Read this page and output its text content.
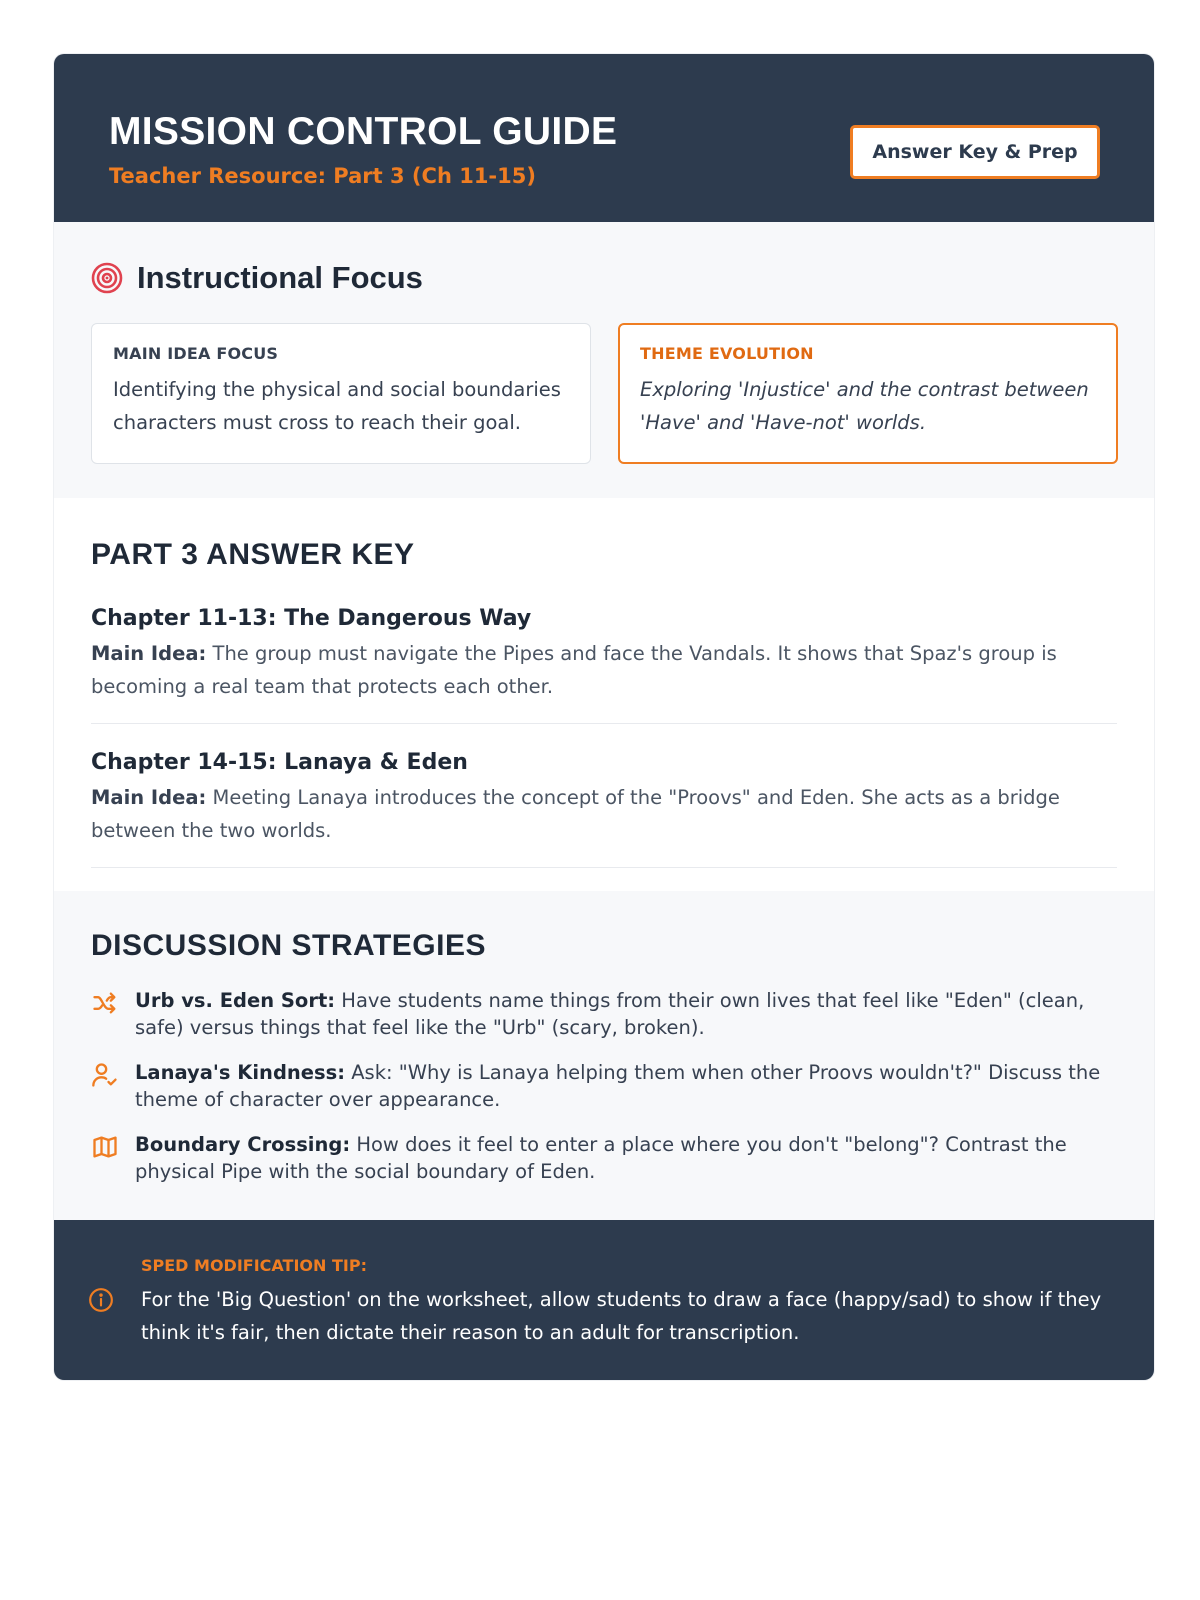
MISSION CONTROL GUIDE
Teacher Resource: Part 3 (Ch 11-15)
Answer Key & Prep
Instructional Focus
MAIN IDEA FOCUS
Identifying the physical and social boundaries characters must cross to reach their goal.
THEME EVOLUTION
Exploring 'Injustice' and the contrast between 'Have' and 'Have-not' worlds.
PART 3 ANSWER KEY
Chapter 11-13: The Dangerous Way
Main Idea: The group must navigate the Pipes and face the Vandals. It shows that Spaz's group is becoming a real team that protects each other.
Chapter 14-15: Lanaya & Eden
Main Idea: Meeting Lanaya introduces the concept of the "Proovs" and Eden. She acts as a bridge between the two worlds.
DISCUSSION STRATEGIES
Urb vs. Eden Sort: Have students name things from their own lives that feel like "Eden" (clean, safe) versus things that feel like the "Urb" (scary, broken).
Lanaya's Kindness: Ask: "Why is Lanaya helping them when other Proovs wouldn't?" Discuss the theme of character over appearance.
Boundary Crossing: How does it feel to enter a place where you don't "belong"? Contrast the physical Pipe with the social boundary of Eden.
SPED MODIFICATION TIP:
For the 'Big Question' on the worksheet, allow students to draw a face (happy/sad) to show if they think it's fair, then dictate their reason to an adult for transcription.
